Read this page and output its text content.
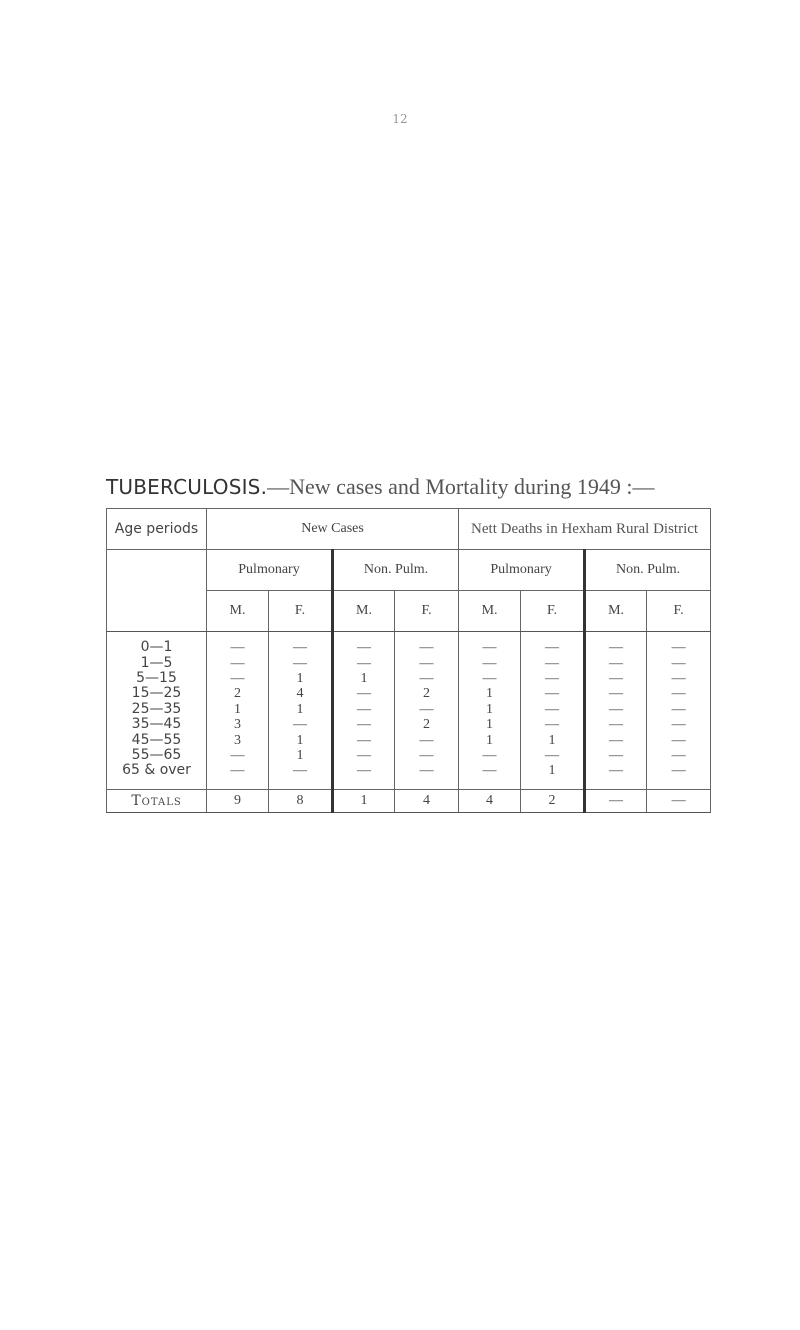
12
TUBERCULOSIS.—New cases and Mortality during 1949 :—
Age periods	New Cases				Nett Deaths in Hexham Rural District			
	Pulmonary		Non. Pulm.		Pulmonary		Non. Pulm.	
	M.	F.	M.	F.	M.	F.	M.	F.

0—1	—	—	—	—	—	—	—	—
1—5	—	—	—	—	—	—	—	—
5—15	—	1	1	—	—	—	—	—
15—25	2	4	—	2	1	—	—	—
25—35	1	1	—	—	1	—	—	—
35—45	3	—	—	2	1	—	—	—
45—55	3	1	—	—	1	1	—	—
55—65	—	1	—	—	—	—	—	—
65 & over	—	—	—	—	—	1	—	—

Totals	9	8	1	4	4	2	—	—
